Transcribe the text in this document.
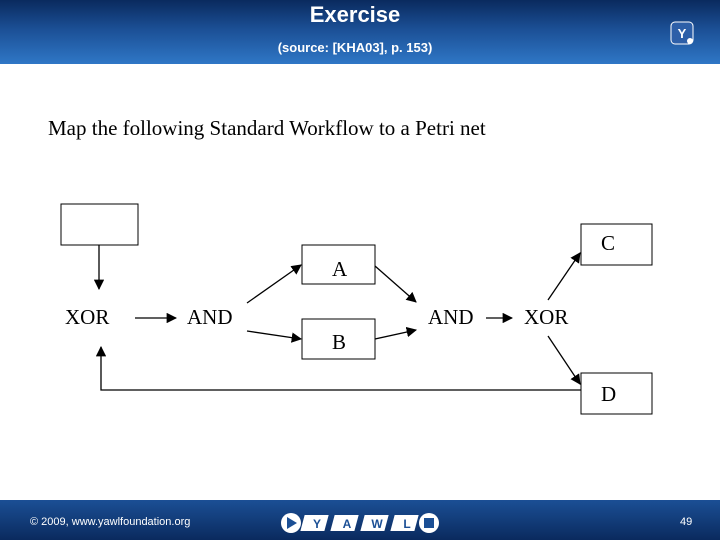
Exercise
(source: [KHA03], p. 153)
Y
Map the following Standard Workflow to a Petri net
XOR	AND
A
B
AND XOR
C
D
© 2009, www.yawlfoundation.org	Y A W L	49
